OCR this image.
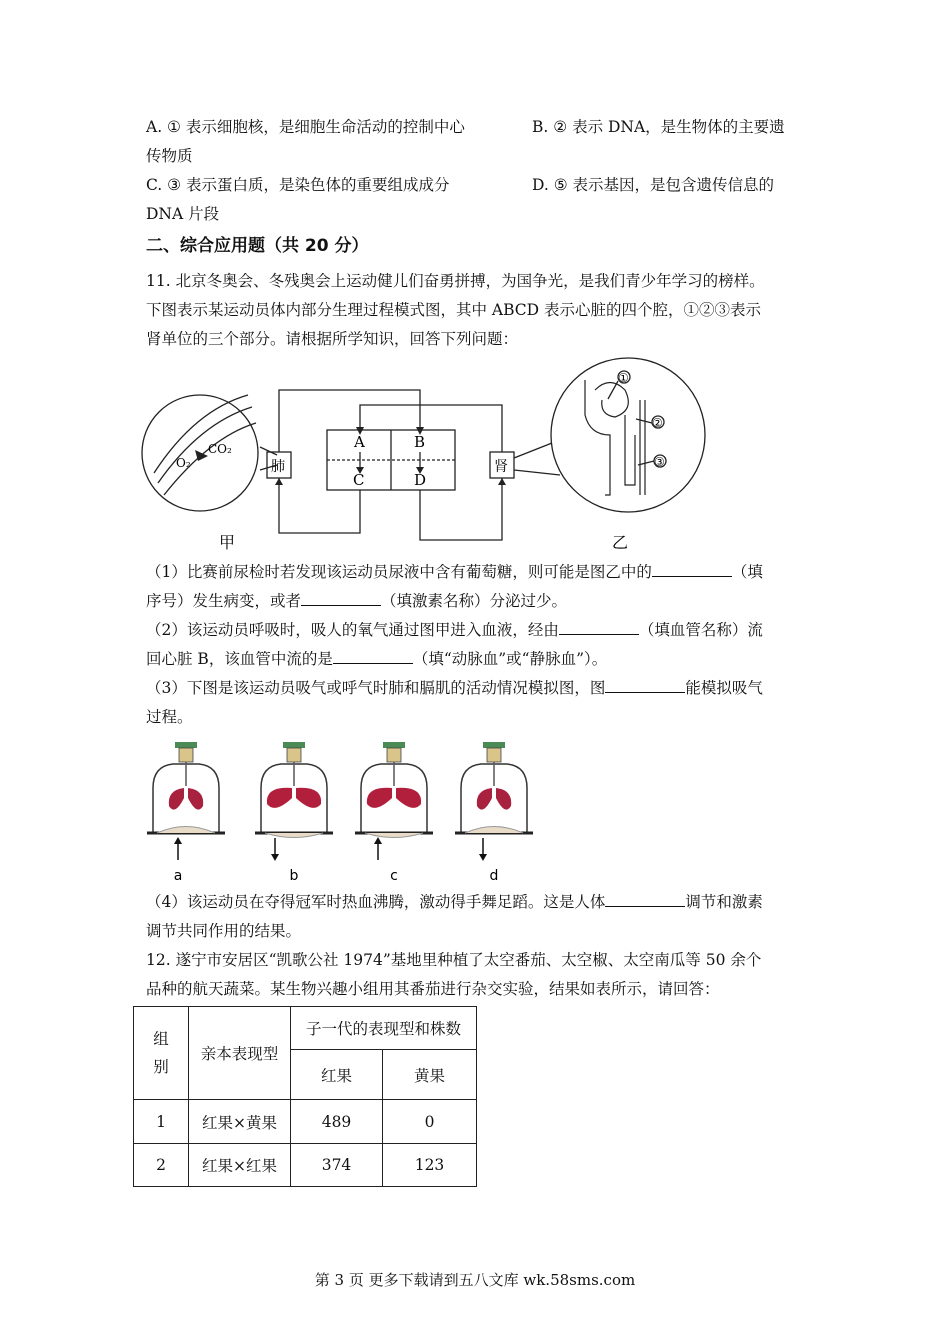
A. ① 表示细胞核，是细胞生命活动的控制中心	B. ② 表示 DNA，是生物体的主要遗
传物质
C. ③ 表示蛋白质，是染色体的重要组成成分	D. ⑤ 表示基因，是包含遗传信息的
DNA 片段
二、综合应用题（共 20 分）
11. 北京冬奥会、冬残奥会上运动健儿们奋勇拼搏，为国争光，是我们青少年学习的榜样。
下图表示某运动员体内部分生理过程模式图，其中 ABCD 表示心脏的四个腔，①②③表示
肾单位的三个部分。请根据所学知识，回答下列问题：
O₂
CO₂
肺	肾
A	B
C	D
①
②
③
甲	乙
（1）比赛前尿检时若发现该运动员尿液中含有葡萄糖，则可能是图乙中的	（填
序号）发生病变，或者	（填激素名称）分泌过少。
（2）该运动员呼吸时，吸人的氧气通过图甲进入血液，经由	（填血管名称）流
回心脏 B，该血管中流的是	（填“动脉血”或“静脉血”）。
（3）下图是该运动员吸气或呼气时肺和膈肌的活动情况模拟图，图	能模拟吸气
过程。
a	b	c	d
（4）该运动员在夺得冠军时热血沸腾，激动得手舞足蹈。这是人体	调节和激素
调节共同作用的结果。
12. 遂宁市安居区“凯歌公社 1974”基地里种植了太空番茄、太空椒、太空南瓜等 50 余个
品种的航天蔬菜。某生物兴趣小组用其番茄进行杂交实验，结果如表所示，请回答：
组
别	亲本表现型	子一代的表现型和株数	
		红果	黄果
1	红果×黄果	489	0
2	红果×红果	374	123
第 3 页 更多下载请到五八文库 wk.58sms.com
